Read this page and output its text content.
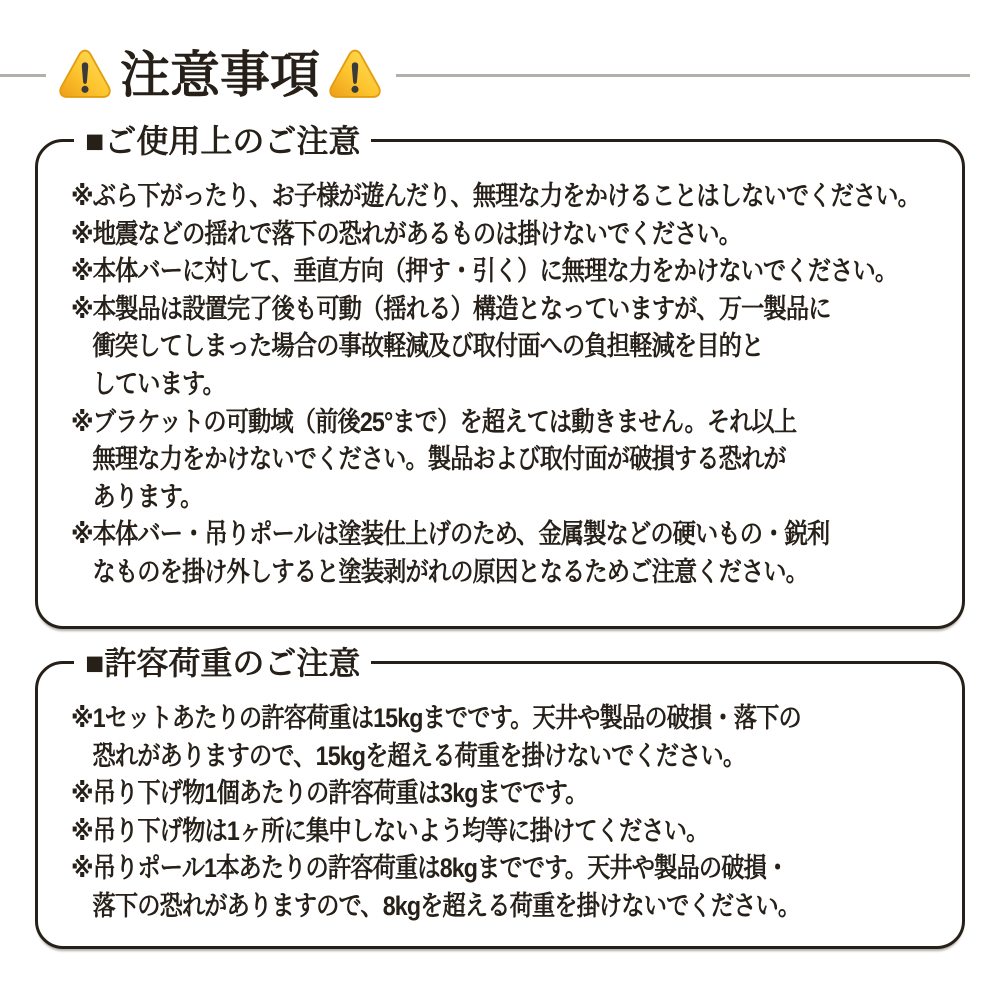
注意事項
■ご使用上のご注意

※ぶら下がったり、お子様が遊んだり、無理な力をかけることはしないでください。

※地震などの揺れで落下の恐れがあるものは掛けないでください。

※本体バーに対して、垂直方向（押す・引く）に無理な力をかけないでください。

※本製品は設置完了後も可動（揺れる）構造となっていますが、万一製品に

衝突してしまった場合の事故軽減及び取付面への負担軽減を目的と

しています。

※ブラケットの可動域（前後25°まで）を超えては動きません。それ以上

無理な力をかけないでください。製品および取付面が破損する恐れが

あります。

※本体バー・吊りポールは塗装仕上げのため、金属製などの硬いもの・鋭利

なものを掛け外しすると塗装剥がれの原因となるためご注意ください。

■許容荷重のご注意

※1セットあたりの許容荷重は15kgまでです。天井や製品の破損・落下の

恐れがありますので、15kgを超える荷重を掛けないでください。

※吊り下げ物1個あたりの許容荷重は3kgまでです。

※吊り下げ物は1ヶ所に集中しないよう均等に掛けてください。

※吊りポール1本あたりの許容荷重は8kgまでです。天井や製品の破損・

落下の恐れがありますので、8kgを超える荷重を掛けないでください。
